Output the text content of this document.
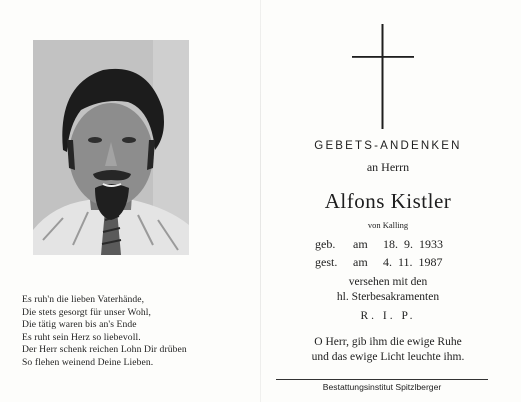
Es ruh'n die lieben Vaterhände,
Die stets gesorgt für unser Wohl,
Die tätig waren bis an's Ende
Es ruht sein Herz so liebevoll.
Der Herr schenk reichen Lohn Dir drüben
So flehen weinend Deine Lieben.
GEBETS-ANDENKEN
an Herrn
Alfons Kistler
von Kalling
geb.	am	18. 9. 1933
gest.	am	4. 11. 1987
versehen mit den
hl. Sterbesakramenten
R. I. P.
O Herr, gib ihm die ewige Ruhe
und das ewige Licht leuchte ihm.
Bestattungsinstitut Spitzlberger
